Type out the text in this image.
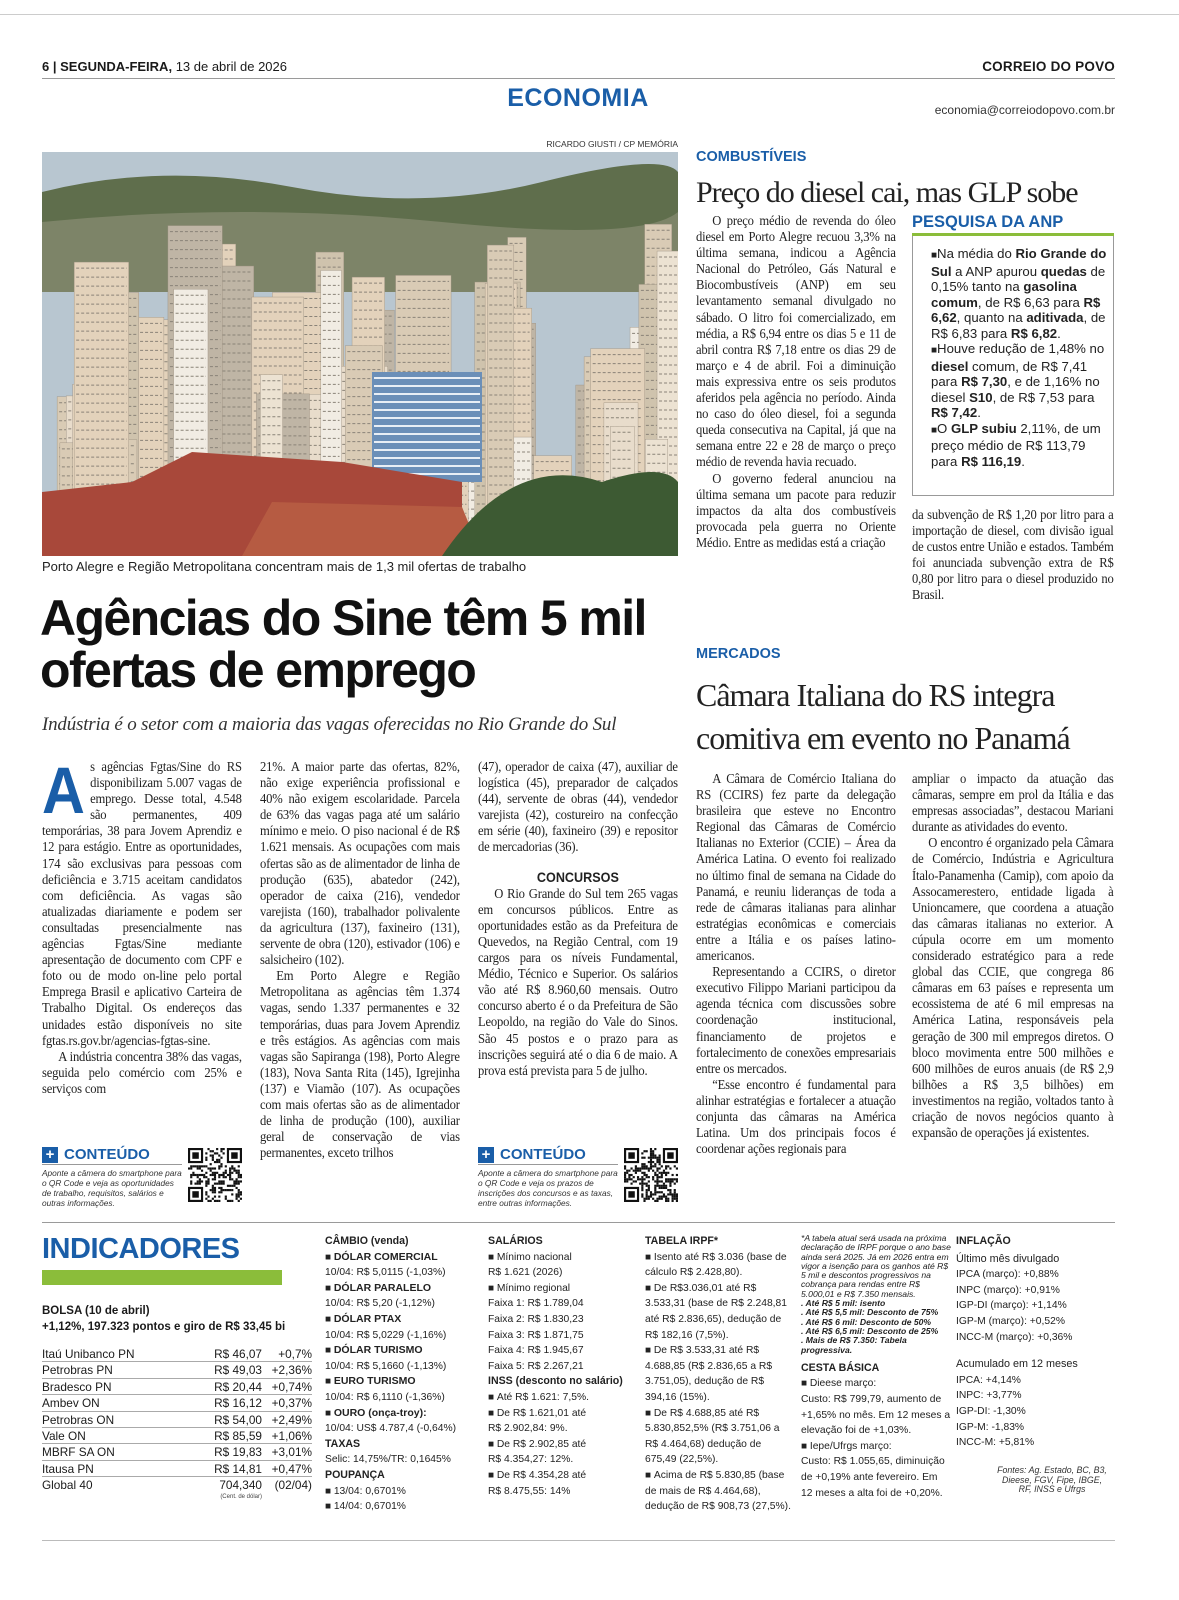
6 | SEGUNDA-FEIRA, 13 de abril de 2026	CORREIO DO POVO
ECONOMIA	economia@correiodopovo.com.br
RICARDO GIUSTI / CP MEMÓRIA
Porto Alegre e Região Metropolitana concentram mais de 1,3 mil ofertas de trabalho
Agências do Sine têm 5 mil ofertas de emprego
Indústria é o setor com a maioria das vagas oferecidas no Rio Grande do Sul

As agências Fgtas/Sine do RS disponibilizam 5.007 vagas de emprego. Desse total, 4.548 são permanentes, 409 temporárias, 38 para Jovem Aprendiz e 12 para estágio. Entre as oportunidades, 174 são exclusivas para pessoas com deficiência e 3.715 aceitam candidatos com deficiência. As vagas são atualizadas diariamente e podem ser consultadas presencialmente nas agências Fgtas/Sine mediante apresentação de documento com CPF e foto ou de modo on-line pelo portal Emprega Brasil e aplicativo Carteira de Trabalho Digital. Os endereços das unidades estão disponíveis no site fgtas.rs.gov.br/agencias-fgtas-sine.

A indústria concentra 38% das vagas, seguida pelo comércio com 25% e serviços com

21%. A maior parte das ofertas, 82%, não exige experiência profissional e 40% não exigem escolaridade. Parcela de 63% das vagas paga até um salário mínimo e meio. O piso nacional é de R$ 1.621 mensais. As ocupações com mais ofertas são as de alimentador de linha de produção (635), abatedor (242), operador de caixa (216), vendedor varejista (160), trabalhador polivalente da agricultura (137), faxineiro (131), servente de obra (120), estivador (106) e salsicheiro (102).

Em Porto Alegre e Região Metropolitana as agências têm 1.374 vagas, sendo 1.337 permanentes e 32 temporárias, duas para Jovem Aprendiz e três estágios. As agências com mais vagas são Sapiranga (198), Porto Alegre (183), Nova Santa Rita (145), Igrejinha (137) e Viamão (107). As ocupações com mais ofertas são as de alimentador de linha de produção (100), auxiliar geral de conservação de vias permanentes, exceto trilhos

(47), operador de caixa (47), auxiliar de logística (45), preparador de calçados (44), servente de obras (44), vendedor varejista (42), costureiro na confecção em série (40), faxineiro (39) e repositor de mercadorias (36).

CONCURSOS

O Rio Grande do Sul tem 265 vagas em concursos públicos. Entre as oportunidades estão as da Prefeitura de Quevedos, na Região Central, com 19 cargos para os níveis Fundamental, Médio, Técnico e Superior. Os salários vão até R$ 8.960,60 mensais. Outro concurso aberto é o da Prefeitura de São Leopoldo, na região do Vale do Sinos. São 45 postos e o prazo para as inscrições seguirá até o dia 6 de maio. A prova está prevista para 5 de julho.

+ CONTEÚDO
Aponte a câmera do smartphone para o QR Code e veja as oportunidades de trabalho, requisitos, salários e outras informações.
+ CONTEÚDO
Aponte a câmera do smartphone para o QR Code e veja os prazos de inscrições dos concursos e as taxas, entre outras informações.
COMBUSTÍVEIS
Preço do diesel cai, mas GLP sobe

O preço médio de revenda do óleo diesel em Porto Alegre recuou 3,3% na última semana, indicou a Agência Nacional do Petróleo, Gás Natural e Biocombustíveis (ANP) em seu levantamento semanal divulgado no sábado. O litro foi comercializado, em média, a R$ 6,94 entre os dias 5 e 11 de abril contra R$ 7,18 entre os dias 29 de março e 4 de abril. Foi a diminuição mais expressiva entre os seis produtos aferidos pela agência no período. Ainda no caso do óleo diesel, foi a segunda queda consecutiva na Capital, já que na semana entre 22 e 28 de março o preço médio de revenda havia recuado.

O governo federal anunciou na última semana um pacote para reduzir impactos da alta dos combustíveis provocada pela guerra no Oriente Médio. Entre as medidas está a criação

PESQUISA DA ANP

■ Na média do Rio Grande do Sul a ANP apurou quedas de 0,15% tanto na gasolina comum, de R$ 6,63 para R$ 6,62, quanto na aditivada, de R$ 6,83 para R$ 6,82.

■ Houve redução de 1,48% no diesel comum, de R$ 7,41 para R$ 7,30, e de 1,16% no diesel S10, de R$ 7,53 para R$ 7,42.

■ O GLP subiu 2,11%, de um preço médio de R$ 113,79 para R$ 116,19.

da subvenção de R$ 1,20 por litro para a importação de diesel, com divisão igual de custos entre União e estados. Também foi anunciada subvenção extra de R$ 0,80 por litro para o diesel produzido no Brasil.

MERCADOS
Câmara Italiana do RS integra
comitiva em evento no Panamá

A Câmara de Comércio Italiana do RS (CCIRS) fez parte da delegação brasileira que esteve no Encontro Regional das Câmaras de Comércio Italianas no Exterior (CCIE) – Área da América Latina. O evento foi realizado no último final de semana na Cidade do Panamá, e reuniu lideranças de toda a rede de câmaras italianas para alinhar estratégias econômicas e comerciais entre a Itália e os países latino-americanos.

Representando a CCIRS, o diretor executivo Filippo Mariani participou da agenda técnica com discussões sobre coordenação institucional, financiamento de projetos e fortalecimento de conexões empresariais entre os mercados.

“Esse encontro é fundamental para alinhar estratégias e fortalecer a atuação conjunta das câmaras na América Latina. Um dos principais focos é coordenar ações regionais para

ampliar o impacto da atuação das câmaras, sempre em prol da Itália e das empresas associadas”, destacou Mariani durante as atividades do evento.

O encontro é organizado pela Câmara de Comércio, Indústria e Agricultura Ítalo-Panamenha (Camip), com apoio da Assocamerestero, entidade ligada à Unioncamere, que coordena a atuação das câmaras italianas no exterior. A cúpula ocorre em um momento considerado estratégico para a rede global das CCIE, que congrega 86 câmaras em 63 países e representa um ecossistema de até 6 mil empresas na América Latina, responsáveis pela geração de 300 mil empregos diretos. O bloco movimenta entre 500 milhões e 600 milhões de euros anuais (de R$ 2,9 bilhões a R$ 3,5 bilhões) em investimentos na região, voltados tanto à criação de novos negócios quanto à expansão de operações já existentes.

INDICADORES
BOLSA (10 de abril)
+1,12%, 197.323 pontos e giro de R$ 33,45 bi
Itaú Unibanco PN	R$ 46,07	+0,7%
Petrobras PN	R$ 49,03 +2,36%
Bradesco PN	R$ 20,44 +0,74%
Ambev ON	R$ 16,12 +0,37%
Petrobras ON	R$ 54,00 +2,49%
Vale ON	R$ 85,59 +1,06%
MBRF SA ON	R$ 19,83 +3,01%
Itausa PN	R$ 14,81 +0,47%
Global 40	704,340	(02/04)
(Cent. de dólar)
CÂMBIO (venda)
■ DÓLAR COMERCIAL
10/04: R$ 5,0115 (-1,03%)
■ DÓLAR PARALELO
10/04: R$ 5,20 (-1,12%)
■ DÓLAR PTAX
10/04: R$ 5,0229 (-1,16%)
■ DÓLAR TURISMO
10/04: R$ 5,1660 (-1,13%)
■ EURO TURISMO
10/04: R$ 6,1110 (-1,36%)
■ OURO (onça-troy):
10/04: US$ 4.787,4 (-0,64%)
TAXAS
Selic: 14,75%/TR: 0,1645%
POUPANÇA
■ 13/04: 0,6701%
■ 14/04: 0,6701%
SALÁRIOS
■ Mínimo nacional
R$ 1.621 (2026)
■ Mínimo regional
Faixa 1: R$ 1.789,04
Faixa 2: R$ 1.830,23
Faixa 3: R$ 1.871,75
Faixa 4: R$ 1.945,67
Faixa 5: R$ 2.267,21
INSS (desconto no salário)
■ Até R$ 1.621: 7,5%.
■ De R$ 1.621,01 até
R$ 2.902,84: 9%.
■ De R$ 2.902,85 até
R$ 4.354,27: 12%.
■ De R$ 4.354,28 até
R$ 8.475,55: 14%
TABELA IRPF*
■ Isento até R$ 3.036 (base de cálculo R$ 2.428,80).
■ De R$3.036,01 até R$ 3.533,31 (base de R$ 2.248,81 até R$ 2.836,65), dedução de R$ 182,16 (7,5%).
■ De R$ 3.533,31 até R$ 4.688,85 (R$ 2.836,65 a R$ 3.751,05), dedução de R$ 394,16 (15%).
■ De R$ 4.688,85 até R$ 5.830,852,5% (R$ 3.751,06 a R$ 4.464,68) dedução de 675,49 (22,5%).
■ Acima de R$ 5.830,85 (base de mais de R$ 4.464,68), dedução de R$ 908,73 (27,5%).
*A tabela atual será usada na próxima declaração de IRPF porque o ano base ainda será 2025. Já em 2026 entra em vigor a isenção para os ganhos até R$ 5 mil e descontos progressivos na cobrança para rendas entre R$ 5.000,01 e R$ 7.350 mensais.
. Até R$ 5 mil: isento
. Até R$ 5,5 mil: Desconto de 75%
. Até R$ 6 mil: Desconto de 50%
. Até R$ 6,5 mil: Desconto de 25%
. Mais de R$ 7.350: Tabela progressiva.
CESTA BÁSICA
■ Dieese março:
Custo: R$ 799,79, aumento de +1,65% no mês. Em 12 meses a elevação foi de +1,03%.
■ Iepe/Ufrgs março:
Custo: R$ 1.055,65, diminuição de +0,19% ante fevereiro. Em 12 meses a alta foi de +0,20%.
INFLAÇÃO
Último mês divulgado
IPCA (março): +0,88%
INPC (março): +0,91%
IGP-DI (março): +1,14%
IGP-M (março): +0,52%
INCC-M (março): +0,36%
Acumulado em 12 meses
IPCA: +4,14%
INPC: +3,77%
IGP-DI: -1,30%
IGP-M: -1,83%
INCC-M: +5,81%
Fontes: Ag. Estado, BC, B3, Dieese, FGV, Fipe, IBGE, RF, INSS e Ufrgs
